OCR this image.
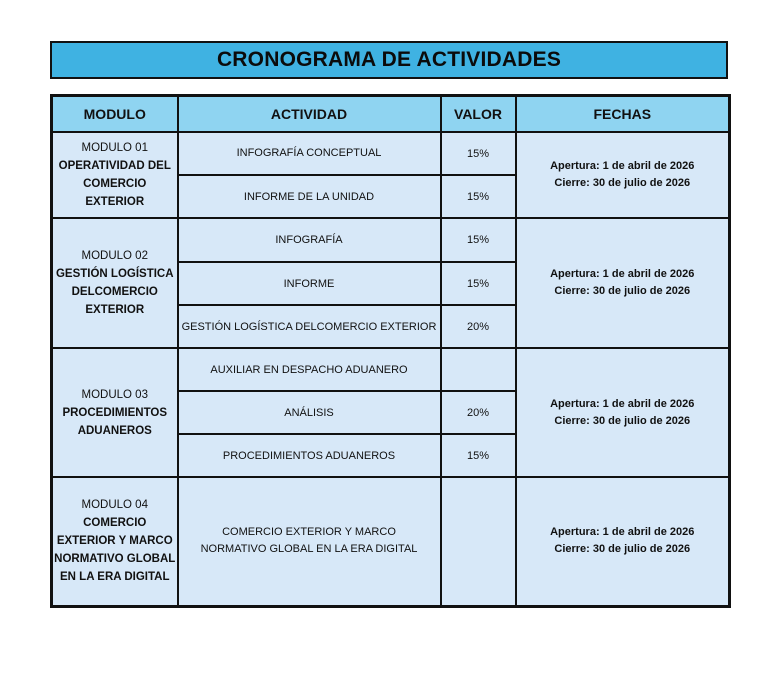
CRONOGRAMA DE ACTIVIDADES
MODULO	ACTIVIDAD	VALOR	FECHAS

MODULO 01
OPERATIVIDAD DEL COMERCIO EXTERIOR	INFOGRAFÍA CONCEPTUAL	15%	Apertura: 1 de abril de 2026
Cierre: 30 de julio de 2026

	INFORME DE LA UNIDAD	15%	

MODULO 02
GESTIÓN LOGÍSTICA DELCOMERCIO EXTERIOR	INFOGRAFÍA	15%	Apertura: 1 de abril de 2026
Cierre: 30 de julio de 2026

	INFORME	15%	
	GESTIÓN LOGÍSTICA DELCOMERCIO EXTERIOR	20%	

MODULO 03
PROCEDIMIENTOS ADUANEROS	AUXILIAR EN DESPACHO ADUANERO		Apertura: 1 de abril de 2026
Cierre: 30 de julio de 2026

	ANÁLISIS	20%	
	PROCEDIMIENTOS ADUANEROS	15%	

MODULO 04
COMERCIO EXTERIOR Y MARCO NORMATIVO GLOBAL EN LA ERA DIGITAL	COMERCIO EXTERIOR Y MARCO NORMATIVO GLOBAL EN LA ERA DIGITAL		Apertura: 1 de abril de 2026
Cierre: 30 de julio de 2026
